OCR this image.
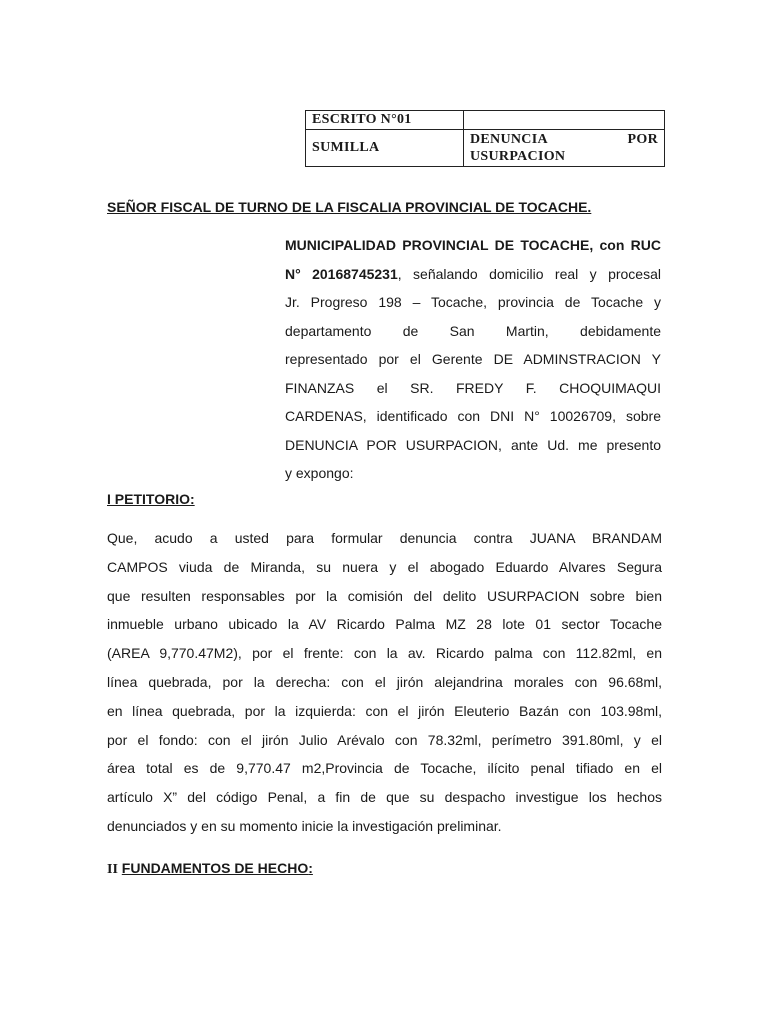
ESCRITO N°01	
SUMILLA	DENUNCIA POR
USURPACION
SEÑOR FISCAL DE TURNO DE LA FISCALIA PROVINCIAL DE TOCACHE.
MUNICIPALIDAD PROVINCIAL DE TOCACHE, con RUC
N° 20168745231, señalando domicilio real y procesal
Jr. Progreso 198 – Tocache, provincia de Tocache y
departamento de San Martin, debidamente
representado por el Gerente DE ADMINSTRACION Y
FINANZAS el SR. FREDY F. CHOQUIMAQUI
CARDENAS, identificado con DNI N° 10026709, sobre
DENUNCIA POR USURPACION, ante Ud. me presento
y expongo:
I PETITORIO:
Que, acudo a usted para formular denuncia contra JUANA BRANDAM
CAMPOS viuda de Miranda, su nuera y el abogado Eduardo Alvares Segura
que resulten responsables por la comisión del delito USURPACION sobre bien
inmueble urbano ubicado la AV Ricardo Palma MZ 28 lote 01 sector Tocache
(AREA 9,770.47M2), por el frente: con la av. Ricardo palma con 112.82ml, en
línea quebrada, por la derecha: con el jirón alejandrina morales con 96.68ml,
en línea quebrada, por la izquierda: con el jirón Eleuterio Bazán con 103.98ml,
por el fondo: con el jirón Julio Arévalo con 78.32ml, perímetro 391.80ml, y el
área total es de 9,770.47 m2,Provincia de Tocache, ilícito penal tifiado en el
artículo X” del código Penal, a fin de que su despacho investigue los hechos
denunciados y en su momento inicie la investigación preliminar.
II FUNDAMENTOS DE HECHO:
